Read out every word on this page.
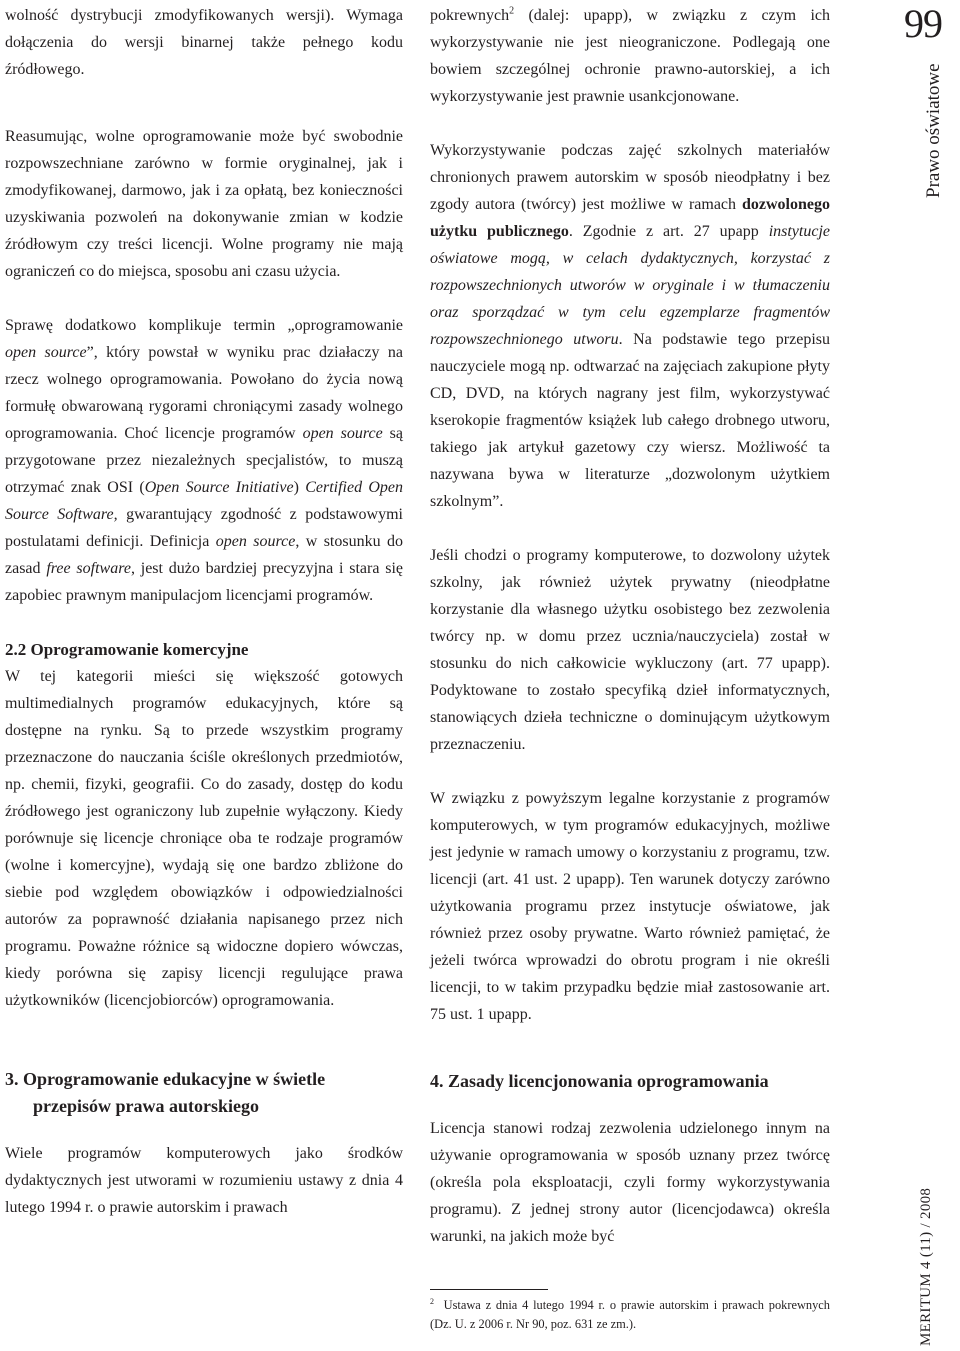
wolność dystrybucji zmodyfikowanych wersji). Wymaga dołączenia do wersji binarnej także pełnego kodu źródłowego.

Reasumując, wolne oprogramowanie może być swobodnie rozpowszechniane zarówno w formie oryginalnej, jak i zmodyfikowanej, darmowo, jak i za opłatą, bez konieczności uzyskiwania pozwoleń na dokonywanie zmian w kodzie źródłowym czy treści licencji. Wolne programy nie mają ograniczeń co do miejsca, sposobu ani czasu użycia.

Sprawę dodatkowo komplikuje termin „oprogramowanie open source”, który powstał w wyniku prac działaczy na rzecz wolnego oprogramowania. Powołano do życia nową formułę obwarowaną rygorami chroniącymi zasady wolnego oprogramowania. Choć licencje programów open source są przygotowane przez niezależnych specjalistów, to muszą otrzymać znak OSI (Open Source Initiative) Certified Open Source Software, gwarantujący zgodność z podstawowymi postulatami definicji. Definicja open source, w stosunku do zasad free software, jest dużo bardziej precyzyjna i stara się zapobiec prawnym manipulacjom licencjami programów.

2.2 Oprogramowanie komercyjne

W tej kategorii mieści się większość gotowych multimedialnych programów edukacyjnych, które są dostępne na rynku. Są to przede wszystkim programy przeznaczone do nauczania ściśle określonych przedmiotów, np. chemii, fizyki, geografii. Co do zasady, dostęp do kodu źródłowego jest ograniczony lub zupełnie wyłączony. Kiedy porównuje się licencje chroniące oba te rodzaje programów (wolne i komercyjne), wydają się one bardzo zbliżone do siebie pod względem obowiązków i odpowiedzialności autorów za poprawność działania napisanego przez nich programu. Poważne różnice są widoczne dopiero wówczas, kiedy porówna się zapisy licencji regulujące prawa użytkowników (licencjobiorców) oprogramowania.

3. Oprogramowanie edukacyjne w świetle
przepisów prawa autorskiego

Wiele programów komputerowych jako środków dydaktycznych jest utworami w rozumieniu ustawy z dnia 4 lutego 1994 r. o prawie autorskim i prawach

pokrewnych$^2$ (dalej: upapp), w związku z czym ich wykorzystywanie nie jest nieograniczone. Podlegają one bowiem szczególnej ochronie prawno-autorskiej, a ich wykorzystywanie jest prawnie usankcjonowane.

Wykorzystywanie podczas zajęć szkolnych materiałów chronionych prawem autorskim w sposób nieodpłatny i bez zgody autora (twórcy) jest możliwe w ramach dozwolonego użytku publicznego. Zgodnie z art. 27 upapp instytucje oświatowe mogą, w celach dydaktycznych, korzystać z rozpowszechnionych utworów w oryginale i w tłumaczeniu oraz sporządzać w tym celu egzemplarze fragmentów rozpowszechnionego utworu. Na podstawie tego przepisu nauczyciele mogą np. odtwarzać na zajęciach zakupione płyty CD, DVD, na których nagrany jest film, wykorzystywać kserokopie fragmentów książek lub całego drobnego utworu, takiego jak artykuł gazetowy czy wiersz. Możliwość ta nazywana bywa w literaturze „dozwolonym użytkiem szkolnym”.

Jeśli chodzi o programy komputerowe, to dozwolony użytek szkolny, jak również użytek prywatny (nieodpłatne korzystanie dla własnego użytku osobistego bez zezwolenia twórcy np. w domu przez ucznia/nauczyciela) został w stosunku do nich całkowicie wykluczony (art. 77 upapp). Podyktowane to zostało specyfiką dzieł informatycznych, stanowiących dzieła techniczne o dominującym użytkowym przeznaczeniu.

W związku z powyższym legalne korzystanie z programów komputerowych, w tym programów edukacyjnych, możliwe jest jedynie w ramach umowy o korzystaniu z programu, tzw. licencji (art. 41 ust. 2 upapp). Ten warunek dotyczy zarówno użytkowania programu przez instytucje oświatowe, jak również przez osoby prywatne. Warto również pamiętać, że jeżeli twórca wprowadzi do obrotu program i nie określi licencji, to w takim przypadku będzie miał zastosowanie art. 75 ust. 1 upapp.

4. Zasady licencjonowania oprogramowania

Licencja stanowi rodzaj zezwolenia udzielonego innym na używanie oprogramowania w sposób uznany przez twórcę (określa pola eksploatacji, czyli formy wykorzystywania programu). Z jednej strony autor (licencjodawca) określa warunki, na jakich może być

$^2$ Ustawa z dnia 4 lutego 1994 r. o prawie autorskim i prawach pokrewnych (Dz. U. z 2006 r. Nr 90, poz. 631 ze zm.).
99
Prawo oświatowe
MERITUM 4 (11) / 2008
